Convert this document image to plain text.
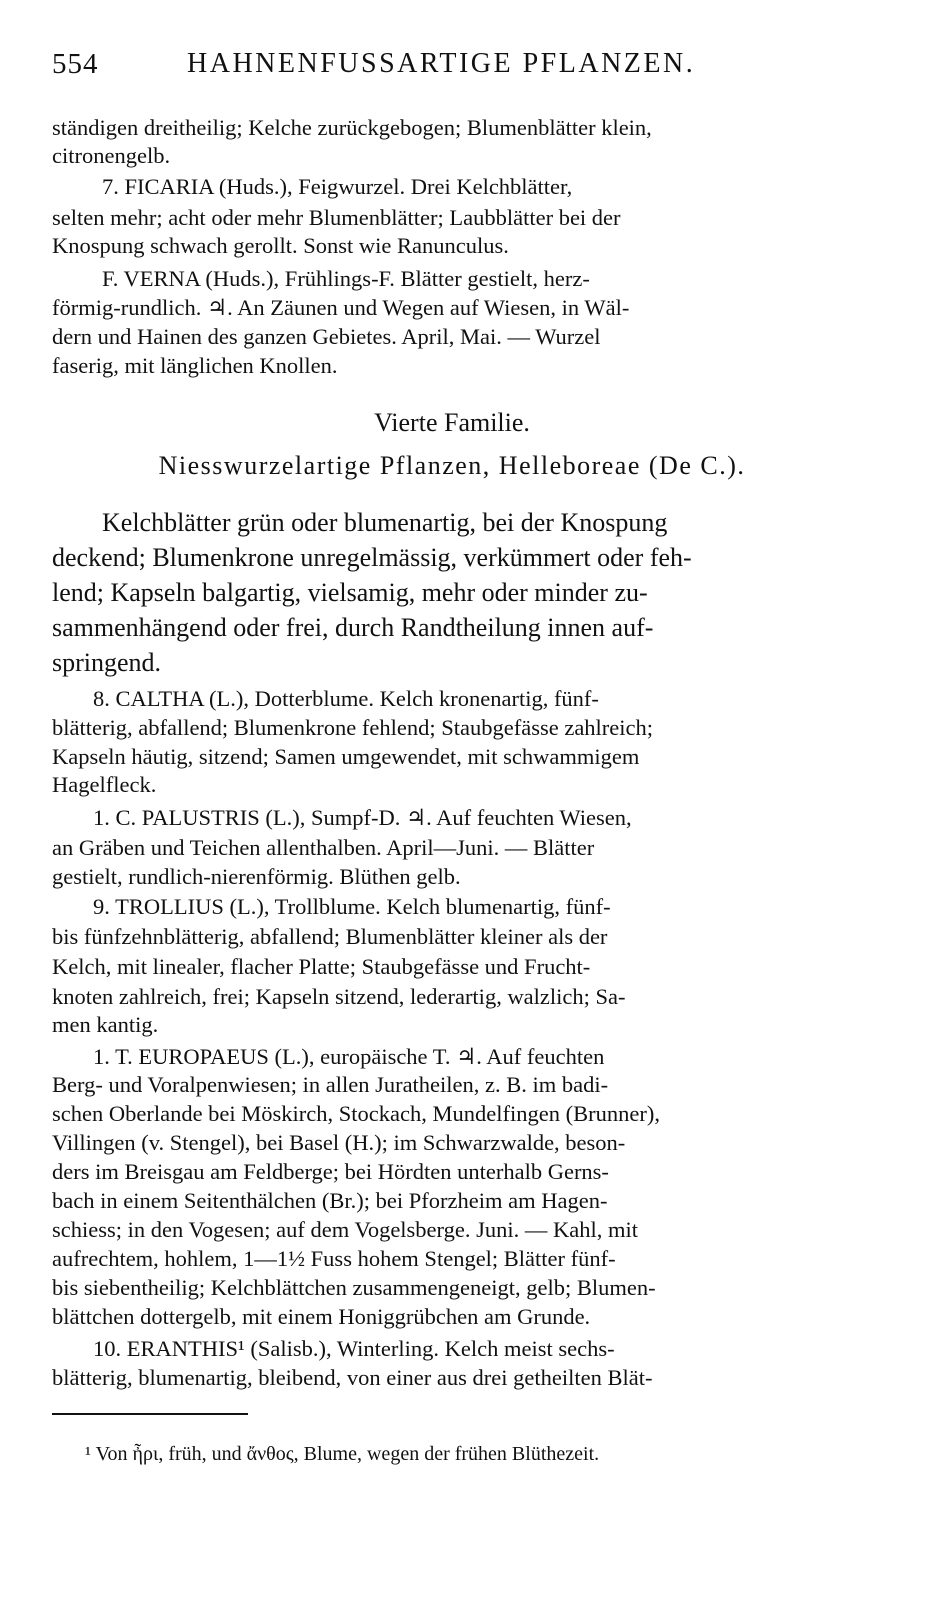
554	HAHNENFUSSARTIGE PFLANZEN.
ständigen dreitheilig; Kelche zurückgebogen; Blumenblätter klein,
citronengelb.
7. FICARIA (Huds.), Feigwurzel. Drei Kelchblätter,
selten mehr; acht oder mehr Blumenblätter; Laubblätter bei der
Knospung schwach gerollt. Sonst wie Ranunculus.
F. VERNA (Huds.), Frühlings-F. Blätter gestielt, herz-
förmig-rundlich. ♃. An Zäunen und Wegen auf Wiesen, in Wäl-
dern und Hainen des ganzen Gebietes. April, Mai. — Wurzel
faserig, mit länglichen Knollen.
Vierte Familie.
Niesswurzelartige Pflanzen, Helleboreae (De C.).
Kelchblätter grün oder blumenartig, bei der Knospung
deckend; Blumenkrone unregelmässig, verkümmert oder feh-
lend; Kapseln balgartig, vielsamig, mehr oder minder zu-
sammenhängend oder frei, durch Randtheilung innen auf-
springend.
8. CALTHA (L.), Dotterblume. Kelch kronenartig, fünf-
blätterig, abfallend; Blumenkrone fehlend; Staubgefässe zahlreich;
Kapseln häutig, sitzend; Samen umgewendet, mit schwammigem
Hagelfleck.
1. C. PALUSTRIS (L.), Sumpf-D. ♃. Auf feuchten Wiesen,
an Gräben und Teichen allenthalben. April—Juni. — Blätter
gestielt, rundlich-nierenförmig. Blüthen gelb.
9. TROLLIUS (L.), Trollblume. Kelch blumenartig, fünf-
bis fünfzehnblätterig, abfallend; Blumenblätter kleiner als der
Kelch, mit linealer, flacher Platte; Staubgefässe und Frucht-
knoten zahlreich, frei; Kapseln sitzend, lederartig, walzlich; Sa-
men kantig.
1. T. EUROPAEUS (L.), europäische T. ♃. Auf feuchten
Berg- und Voralpenwiesen; in allen Juratheilen, z. B. im badi-
schen Oberlande bei Möskirch, Stockach, Mundelfingen (Brunner),
Villingen (v. Stengel), bei Basel (H.); im Schwarzwalde, beson-
ders im Breisgau am Feldberge; bei Hördten unterhalb Gerns-
bach in einem Seitenthälchen (Br.); bei Pforzheim am Hagen-
schiess; in den Vogesen; auf dem Vogelsberge. Juni. — Kahl, mit
aufrechtem, hohlem, 1—1½ Fuss hohem Stengel; Blätter fünf-
bis siebentheilig; Kelchblättchen zusammengeneigt, gelb; Blumen-
blättchen dottergelb, mit einem Honiggrübchen am Grunde.
10. ERANTHIS¹ (Salisb.), Winterling. Kelch meist sechs-
blätterig, blumenartig, bleibend, von einer aus drei getheilten Blät-
¹ Von ἦρι, früh, und ἄνθος, Blume, wegen der frühen Blüthezeit.
